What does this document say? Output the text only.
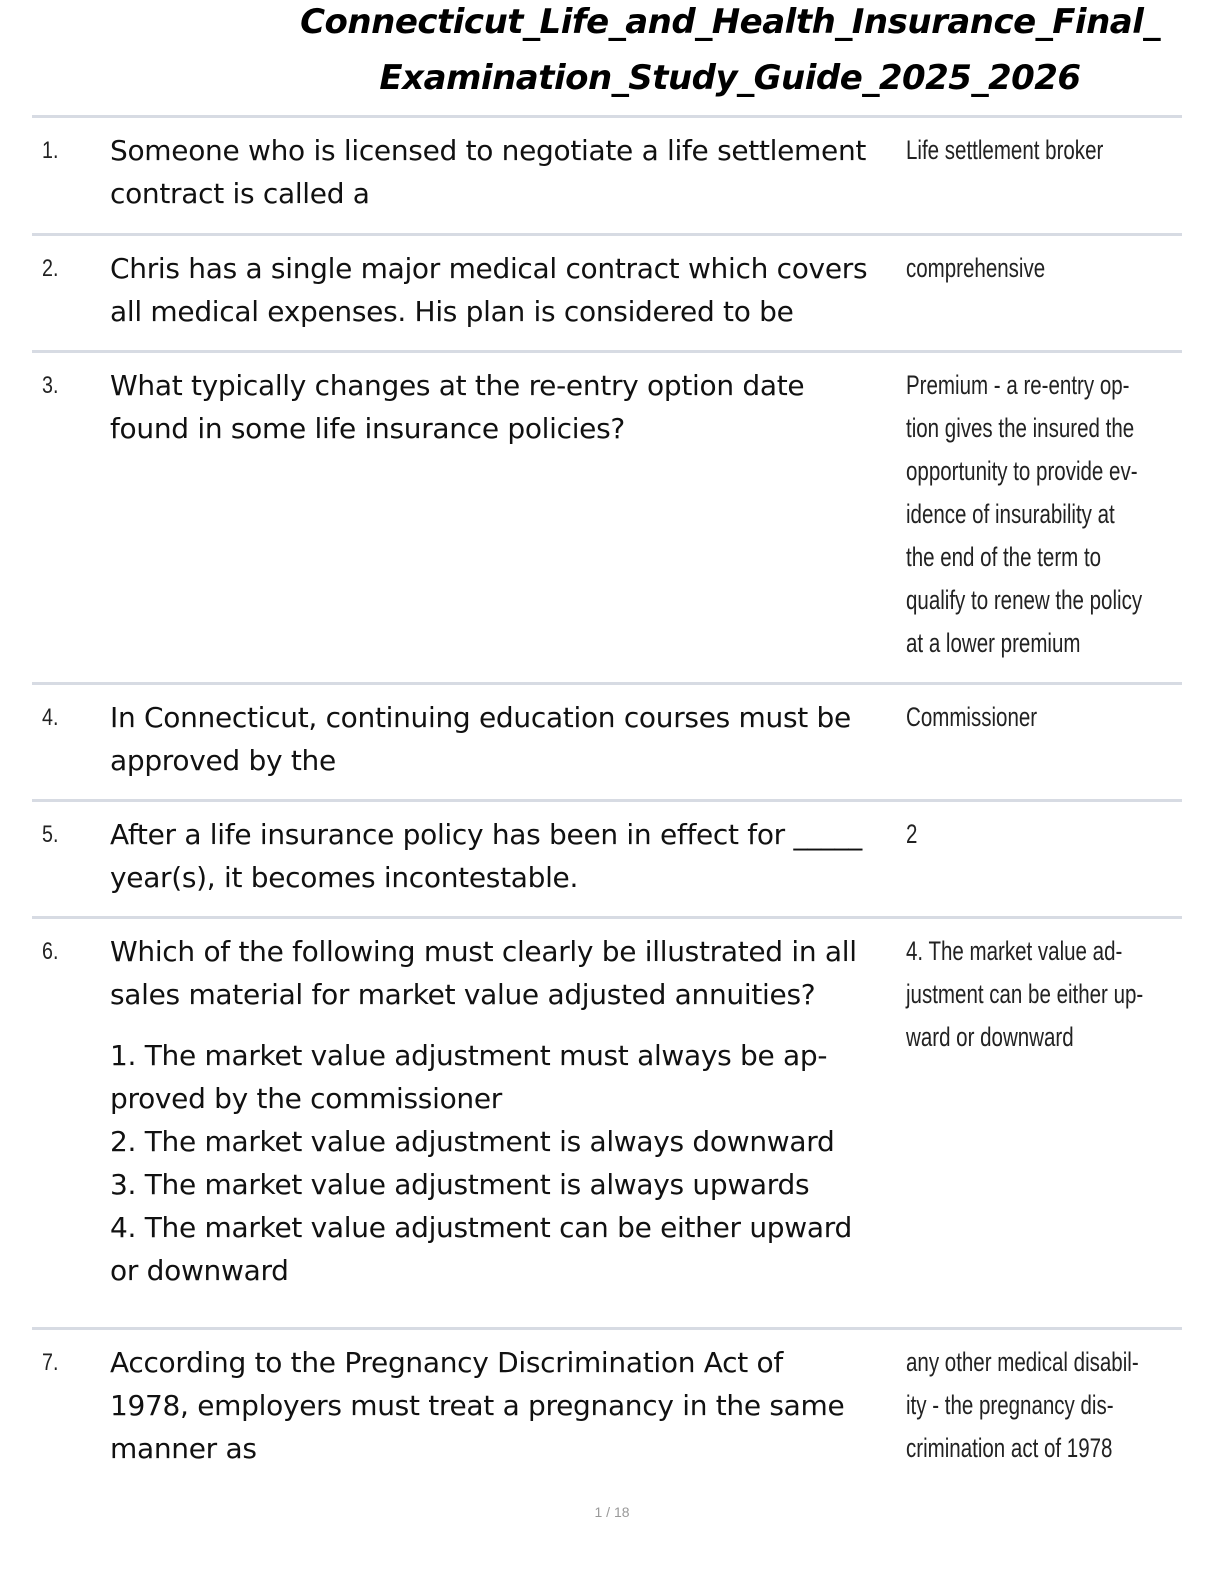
Connecticut_Life_and_Health_Insurance_Final_
Examination_Study_Guide_2025_2026
1. Someone who is licensed to negotiate a life settlement
contract is called a
Life settlement broker
2. Chris has a single major medical contract which covers
all medical expenses. His plan is considered to be
comprehensive
3. What typically changes at the re-entry option date
found in some life insurance policies?
Premium - a re-entry op-
tion gives the insured the
opportunity to provide ev-
idence of insurability at
the end of the term to
qualify to renew the policy
at a lower premium
4. In Connecticut, continuing education courses must be
approved by the
Commissioner
5. After a life insurance policy has been in effect for _____
year(s), it becomes incontestable.
2
6. Which of the following must clearly be illustrated in all
sales material for market value adjusted annuities?
1. The market value adjustment must always be ap-
proved by the commissioner
2. The market value adjustment is always downward
3. The market value adjustment is always upwards
4. The market value adjustment can be either upward
or downward
4. The market value ad-
justment can be either up-
ward or downward
7. According to the Pregnancy Discrimination Act of
1978, employers must treat a pregnancy in the same
manner as
any other medical disabil-
ity - the pregnancy dis-
crimination act of 1978
1 / 18
